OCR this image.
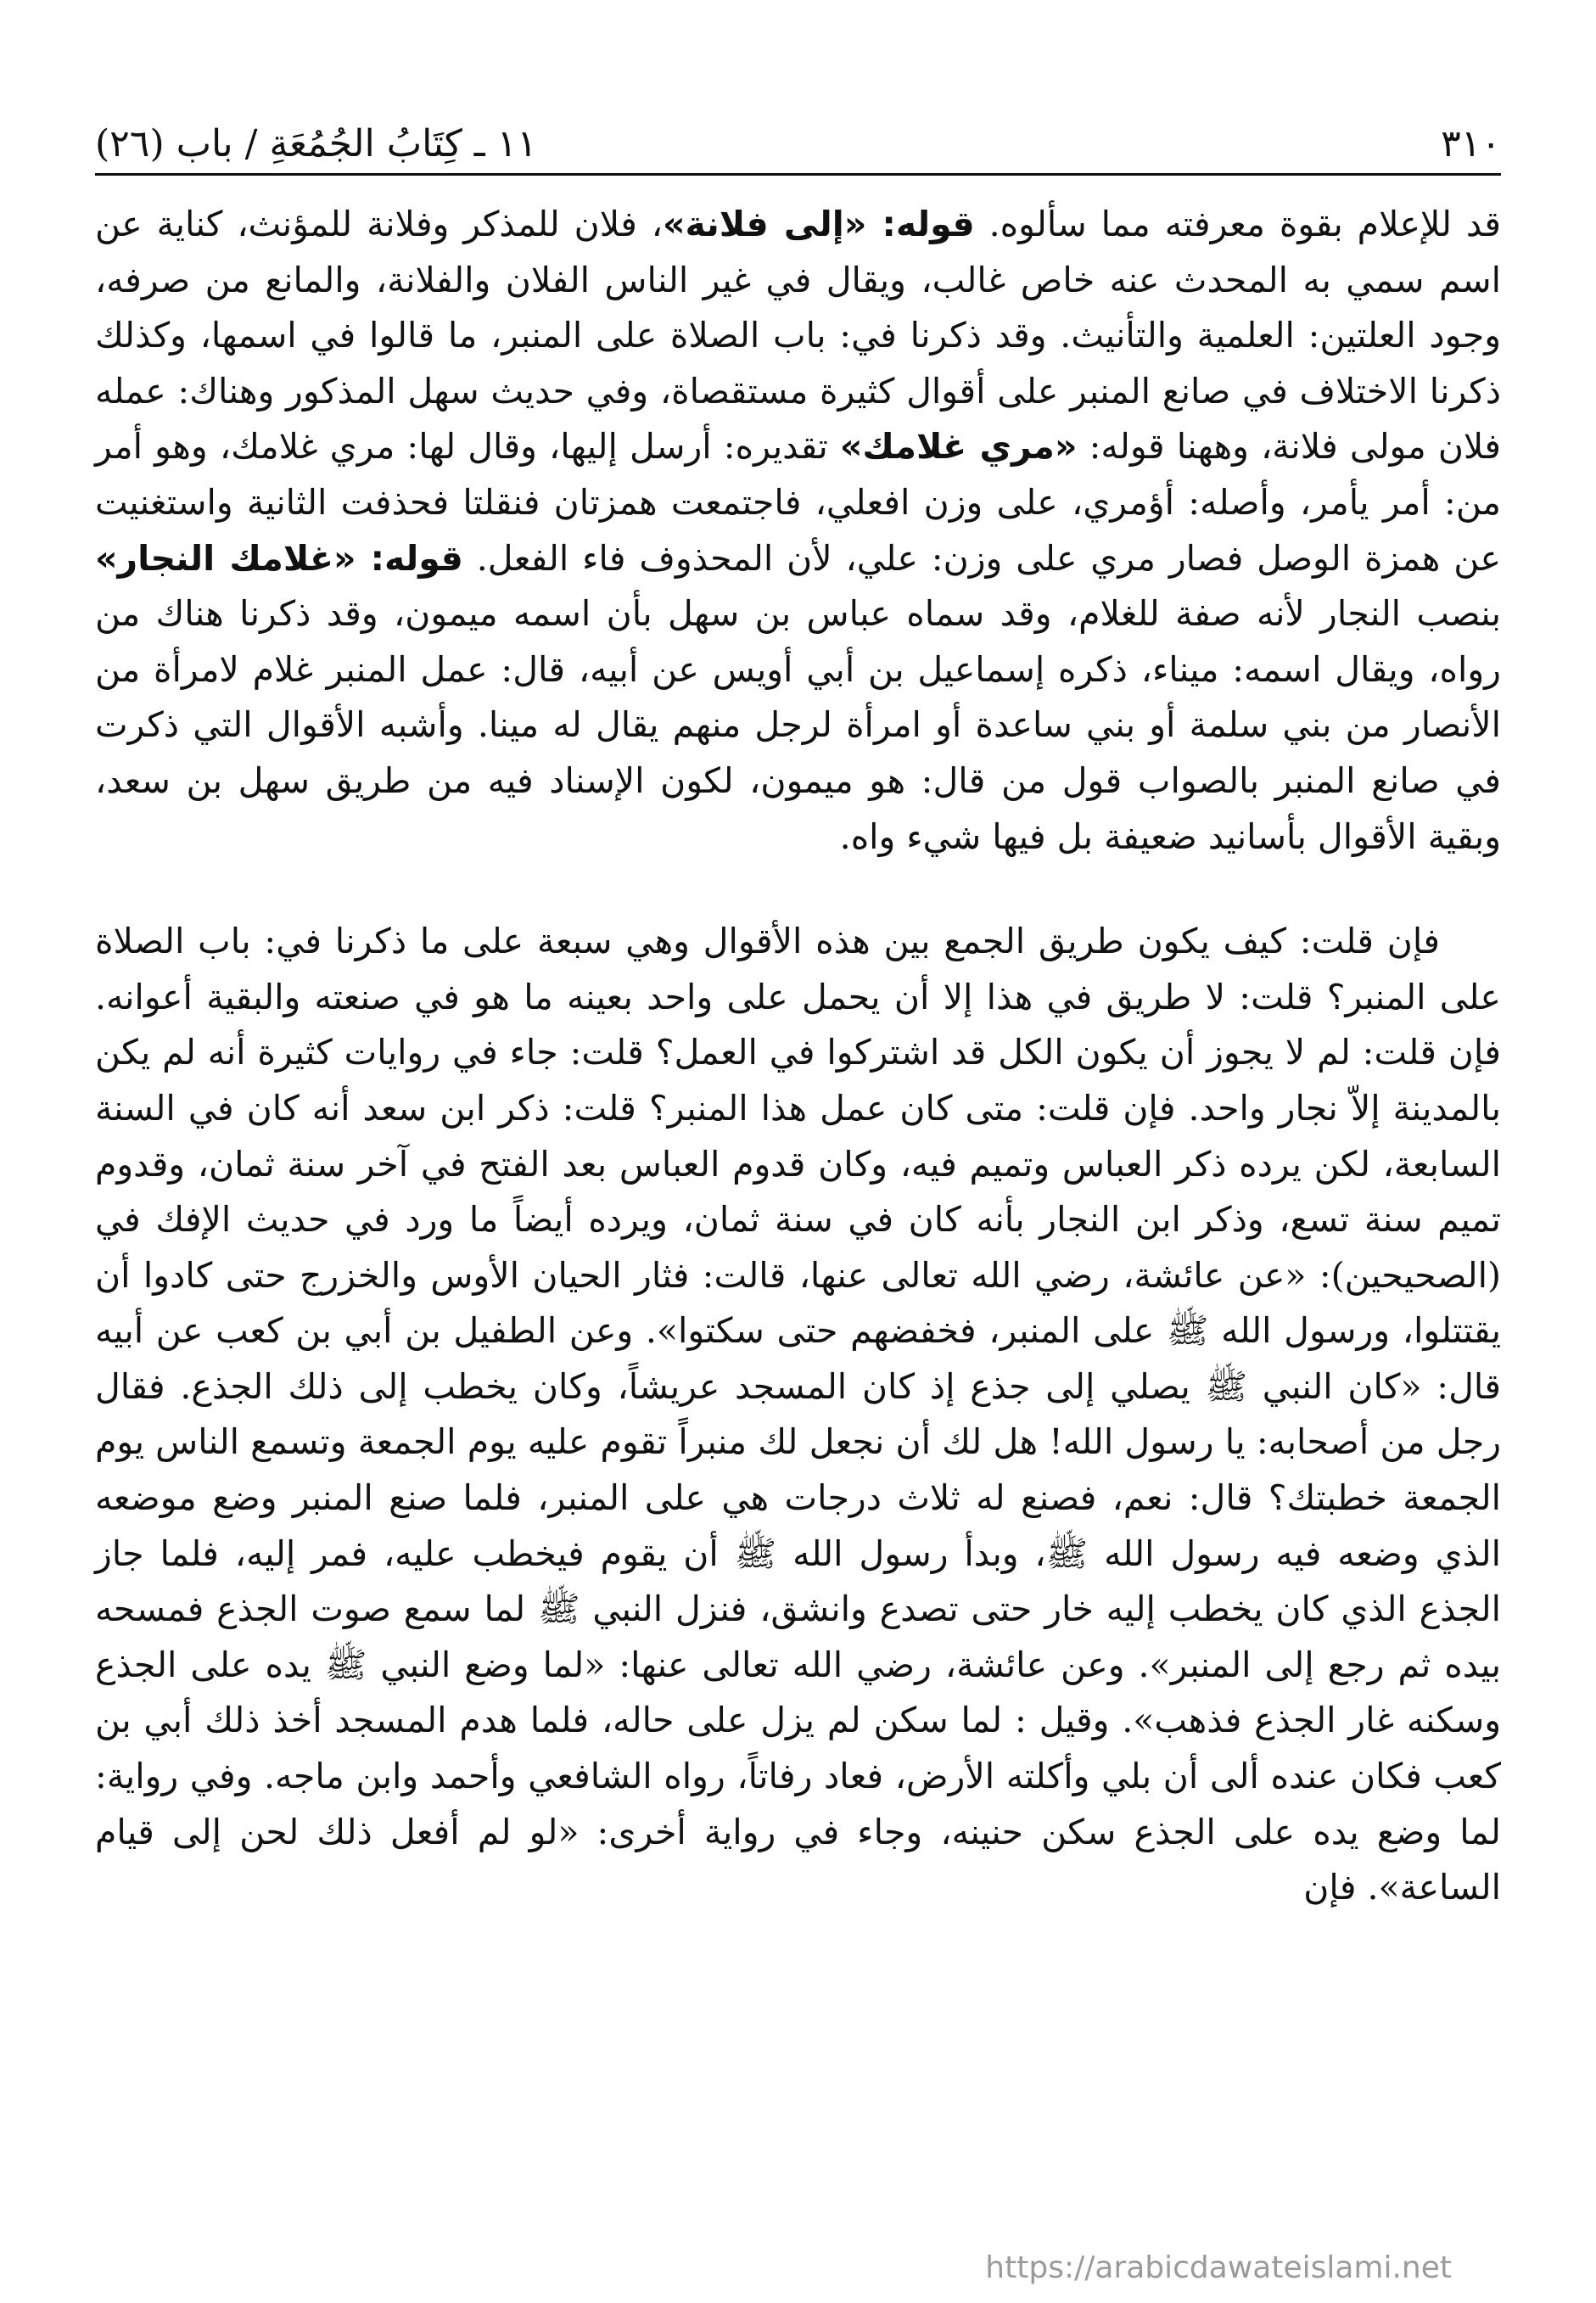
٣١٠
١١ ـ كِتَابُ الجُمُعَةِ / باب (٢٦)

قد للإعلام بقوة معرفته مما سألوه. قوله: «إلى فلانة»، فلان للمذكر وفلانة للمؤنث، كناية عن اسم سمي به المحدث عنه خاص غالب، ويقال في غير الناس الفلان والفلانة، والمانع من صرفه، وجود العلتين: العلمية والتأنيث. وقد ذكرنا في: باب الصلاة على المنبر، ما قالوا في اسمها، وكذلك ذكرنا الاختلاف في صانع المنبر على أقوال كثيرة مستقصاة، وفي حديث سهل المذكور وهناك: عمله فلان مولى فلانة، وههنا قوله: «مري غلامك» تقديره: أرسل إليها، وقال لها: مري غلامك، وهو أمر من: أمر يأمر، وأصله: أؤمري، على وزن افعلي، فاجتمعت همزتان فنقلتا فحذفت الثانية واستغنيت عن همزة الوصل فصار مري على وزن: علي، لأن المحذوف فاء الفعل. قوله: «غلامك النجار» بنصب النجار لأنه صفة للغلام، وقد سماه عباس بن سهل بأن اسمه ميمون، وقد ذكرنا هناك من رواه، ويقال اسمه: ميناء، ذكره إسماعيل بن أبي أويس عن أبيه، قال: عمل المنبر غلام لامرأة من الأنصار من بني سلمة أو بني ساعدة أو امرأة لرجل منهم يقال له مينا. وأشبه الأقوال التي ذكرت في صانع المنبر بالصواب قول من قال: هو ميمون، لكون الإسناد فيه من طريق سهل بن سعد، وبقية الأقوال بأسانيد ضعيفة بل فيها شيء واه.

فإن قلت: كيف يكون طريق الجمع بين هذه الأقوال وهي سبعة على ما ذكرنا في: باب الصلاة على المنبر؟ قلت: لا طريق في هذا إلا أن يحمل على واحد بعينه ما هو في صنعته والبقية أعوانه. فإن قلت: لم لا يجوز أن يكون الكل قد اشتركوا في العمل؟ قلت: جاء في روايات كثيرة أنه لم يكن بالمدينة إلاّ نجار واحد. فإن قلت: متى كان عمل هذا المنبر؟ قلت: ذكر ابن سعد أنه كان في السنة السابعة، لكن يرده ذكر العباس وتميم فيه، وكان قدوم العباس بعد الفتح في آخر سنة ثمان، وقدوم تميم سنة تسع، وذكر ابن النجار بأنه كان في سنة ثمان، ويرده أيضاً ما ورد في حديث الإفك في (الصحيحين): «عن عائشة، رضي الله تعالى عنها، قالت: فثار الحيان الأوس والخزرج حتى كادوا أن يقتتلوا، ورسول الله ﷺ على المنبر، فخفضهم حتى سكتوا». وعن الطفيل بن أبي بن كعب عن أبيه قال: «كان النبي ﷺ يصلي إلى جذع إذ كان المسجد عريشاً، وكان يخطب إلى ذلك الجذع. فقال رجل من أصحابه: يا رسول الله! هل لك أن نجعل لك منبراً تقوم عليه يوم الجمعة وتسمع الناس يوم الجمعة خطبتك؟ قال: نعم، فصنع له ثلاث درجات هي على المنبر، فلما صنع المنبر وضع موضعه الذي وضعه فيه رسول الله ﷺ، وبدأ رسول الله ﷺ أن يقوم فيخطب عليه، فمر إليه، فلما جاز الجذع الذي كان يخطب إليه خار حتى تصدع وانشق، فنزل النبي ﷺ لما سمع صوت الجذع فمسحه بيده ثم رجع إلى المنبر». وعن عائشة، رضي الله تعالى عنها: «لما وضع النبي ﷺ يده على الجذع وسكنه غار الجذع فذهب». وقيل : لما سكن لم يزل على حاله، فلما هدم المسجد أخذ ذلك أبي بن كعب فكان عنده ألى أن بلي وأكلته الأرض، فعاد رفاتاً، رواه الشافعي وأحمد وابن ماجه. وفي رواية: لما وضع يده على الجذع سكن حنينه، وجاء في رواية أخرى: «لو لم أفعل ذلك لحن إلى قيام الساعة». فإن

https://arabicdawateislami.net
